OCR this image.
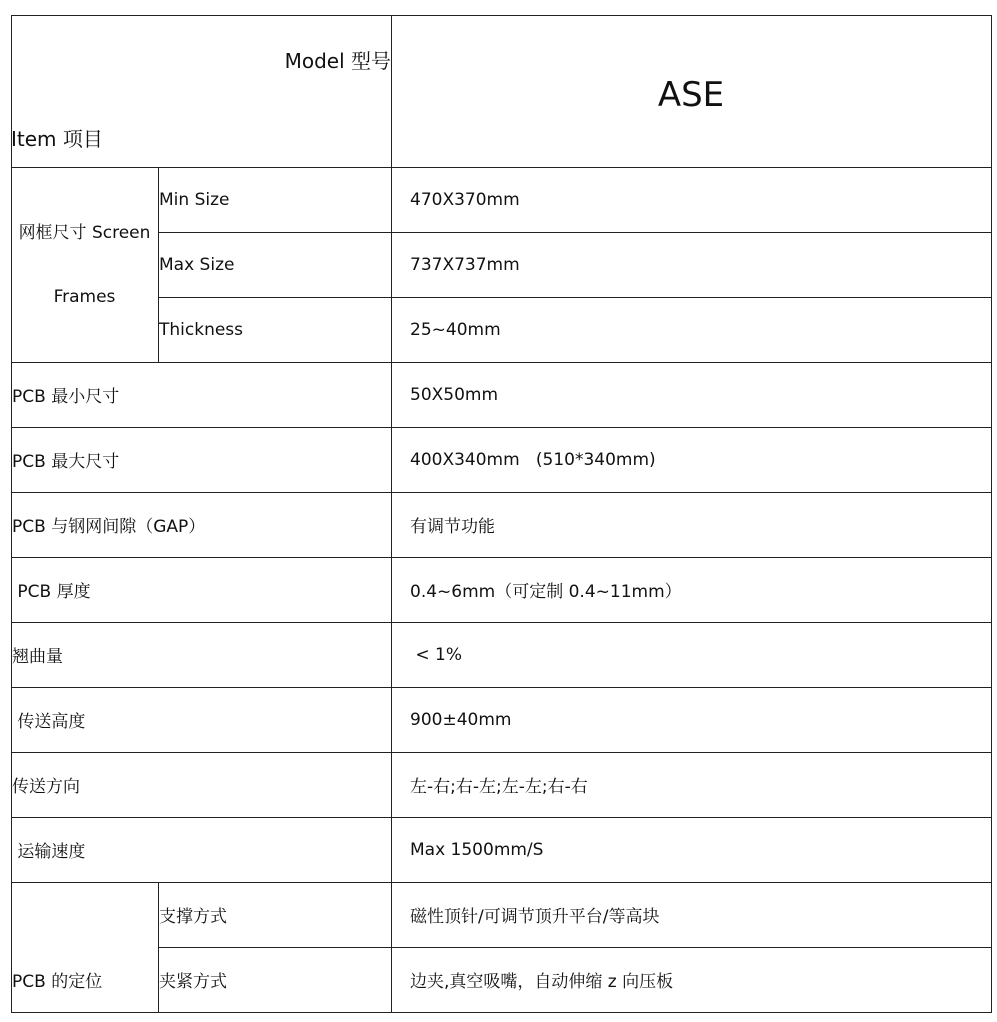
Model 型号
Item 项目
ASE
网框尺寸 Screen
Frames
Min Size	470X370mm
Max Size	737X737mm
Thickness	25~40mm
PCB 最小尺寸	50X50mm
PCB 最大尺寸	400X340mm   (510*340mm)
PCB 与钢网间隙（GAP）	有调节功能
PCB 厚度	0.4~6mm（可定制 0.4~11mm）
翘曲量	< 1%
传送高度	900±40mm
传送方向	左-右;右-左;左-左;右-右
运输速度	Max 1500mm/S
PCB 的定位
支撑方式	磁性顶针/可调节顶升平台/等高块
夹紧方式	边夹,真空吸嘴，自动伸缩 z 向压板
